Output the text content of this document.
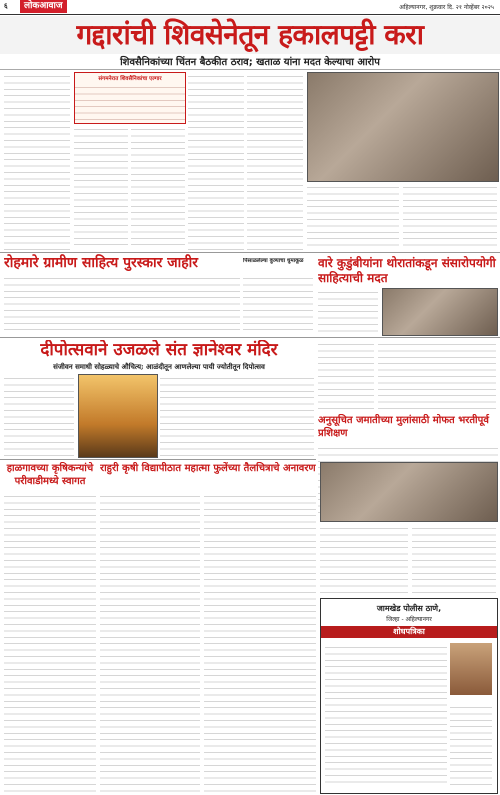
६	लोकआवाज	अहिल्यानगर, शुक्रवार दि. २१ नोव्हेंबर २०२५
गद्दारांची शिवसेनेतून हकालपट्टी करा
शिवसैनिकांच्या चिंतन बैठकीत ठराव; खताळ यांना मदत केल्याचा आरोप
संगमनेरात शिवसैनिकांचा एल्गार
रोहमारे ग्रामीण साहित्य पुरस्कार जाहीर	पिसाळलेल्या कुत्र्याचा धुमाकूळ	वारे कुडुंबीयांना थोरातांकडून संसारोपयोगी साहित्याची मदत
दीपोत्सवाने उजळले संत ज्ञानेश्वर मंदिर
संजीवन समाधी सोहळ्याचे औचित्य; आळंदीतून आणलेल्या पायी ज्योतीतून दिपोत्सव
अनुसूचित जमातीच्या मुलांसाठी मोफत भरतीपूर्व प्रशिक्षण
हाळगावच्या कृषिकन्यांचे परीवाडीमध्ये स्वागत
राहुरी कृषी विद्यापीठात महात्मा फुलेंच्या तैलचित्राचे अनावरण
जामखेड पोलीस ठाणे,
जिल्हा - अहिल्यानगर
शोधपत्रिका
